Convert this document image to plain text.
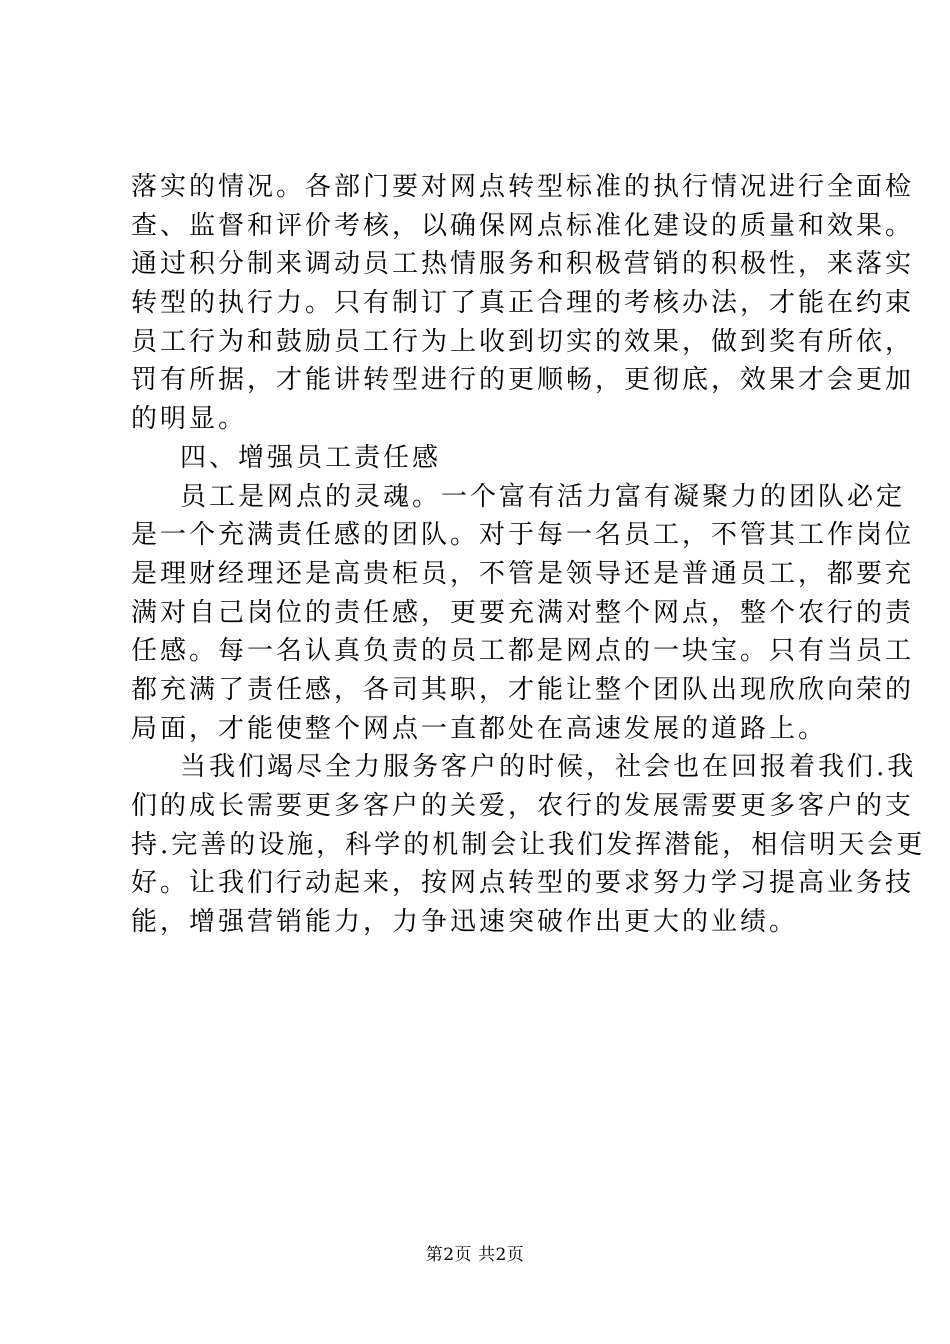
落实的情况。各部门要对网点转型标准的执行情况进行全面检
查、监督和评价考核，以确保网点标准化建设的质量和效果。
通过积分制来调动员工热情服务和积极营销的积极性，来落实
转型的执行力。只有制订了真正合理的考核办法，才能在约束
员工行为和鼓励员工行为上收到切实的效果，做到奖有所依，
罚有所据，才能讲转型进行的更顺畅，更彻底，效果才会更加
的明显。
四、增强员工责任感
员工是网点的灵魂。一个富有活力富有凝聚力的团队必定
是一个充满责任感的团队。对于每一名员工，不管其工作岗位
是理财经理还是高贵柜员，不管是领导还是普通员工，都要充
满对自己岗位的责任感，更要充满对整个网点，整个农行的责
任感。每一名认真负责的员工都是网点的一块宝。只有当员工
都充满了责任感，各司其职，才能让整个团队出现欣欣向荣的
局面，才能使整个网点一直都处在高速发展的道路上。
当我们竭尽全力服务客户的时候，社会也在回报着我们.我
们的成长需要更多客户的关爱，农行的发展需要更多客户的支
持.完善的设施，科学的机制会让我们发挥潜能，相信明天会更
好。让我们行动起来，按网点转型的要求努力学习提高业务技
能，增强营销能力，力争迅速突破作出更大的业绩。
第2页 共2页
